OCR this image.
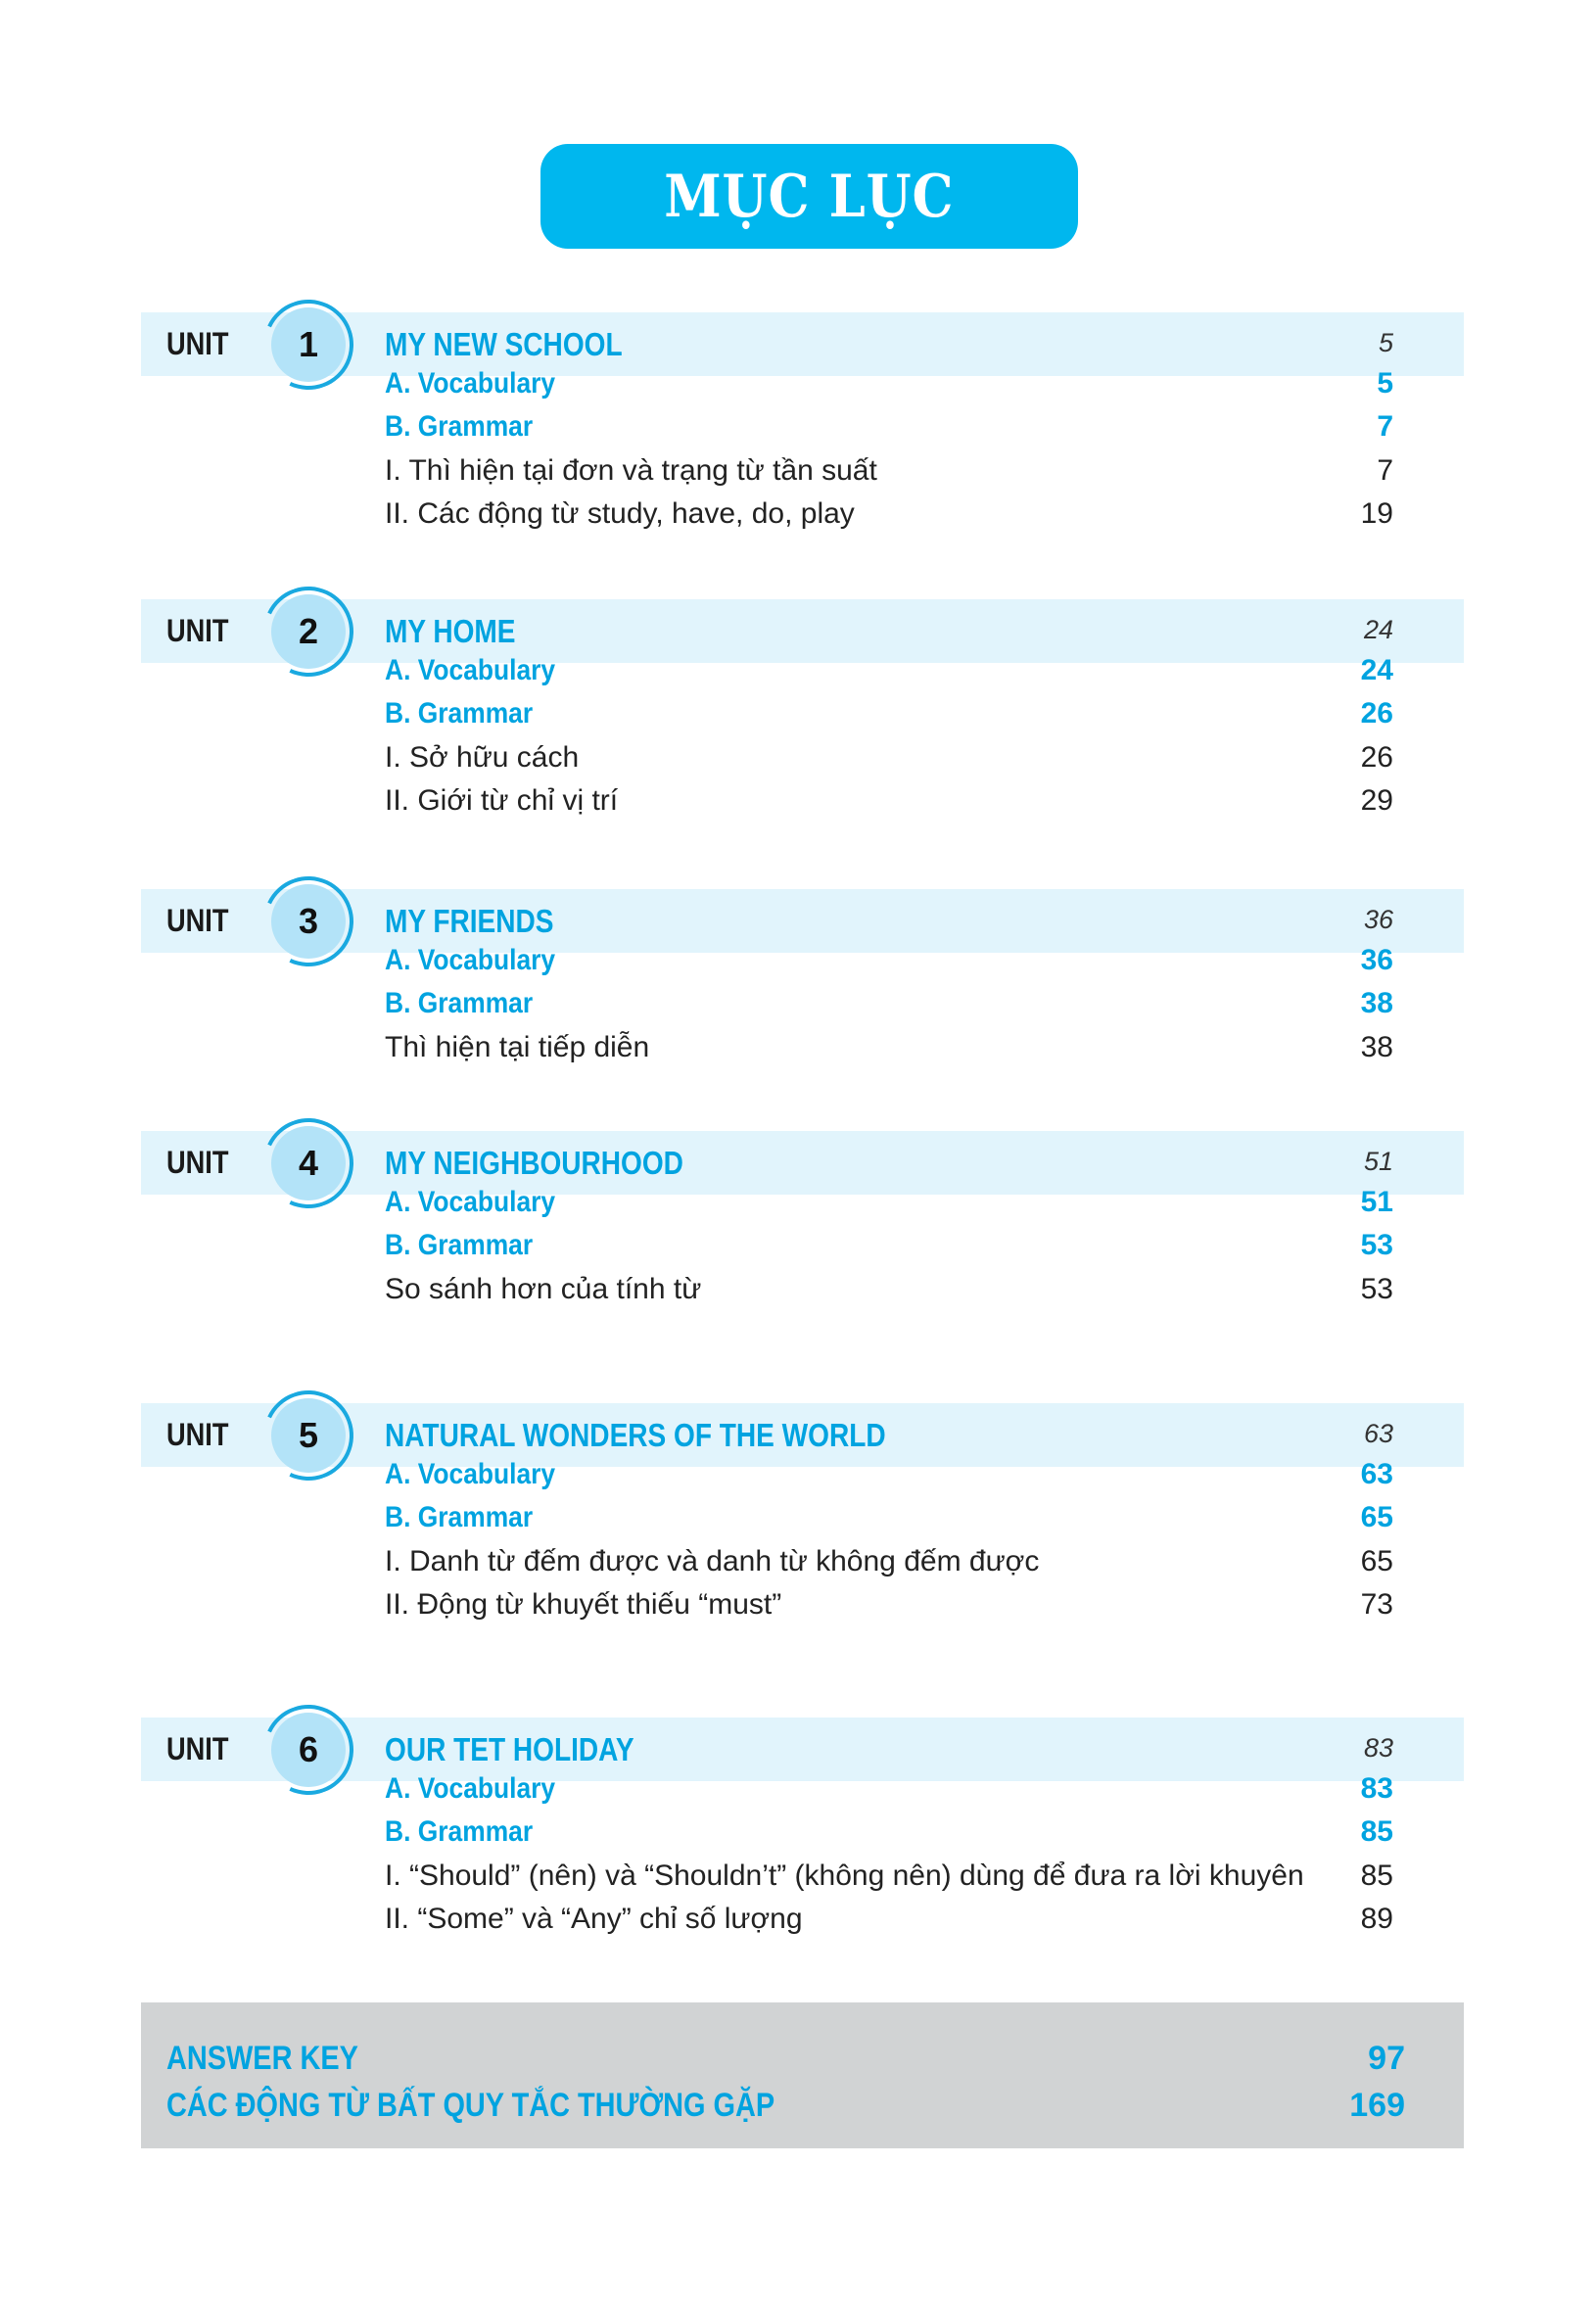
MỤC LỤC
UNIT	1	MY NEW SCHOOL	5
A. Vocabulary	5
B. Grammar	7
I. Thì hiện tại đơn và trạng từ tần suất	7
II. Các động từ study, have, do, play	19
UNIT	2	MY HOME	24
A. Vocabulary	24
B. Grammar	26
I. Sở hữu cách	26
II. Giới từ chỉ vị trí	29
UNIT	3	MY FRIENDS	36
A. Vocabulary	36
B. Grammar	38
Thì hiện tại tiếp diễn	38
UNIT	4	MY NEIGHBOURHOOD	51
A. Vocabulary	51
B. Grammar	53
So sánh hơn của tính từ	53
UNIT	5	NATURAL WONDERS OF THE WORLD	63
A. Vocabulary	63
B. Grammar	65
I. Danh từ đếm được và danh từ không đếm được	65
II. Động từ khuyết thiếu “must”	73
UNIT	6	OUR TET HOLIDAY	83
A. Vocabulary	83
B. Grammar	85
I. “Should” (nên) và “Shouldn’t” (không nên) dùng để đưa ra lời khuyên 85
II. “Some” và “Any” chỉ số lượng	89
ANSWER KEY	97
CÁC ĐỘNG TỪ BẤT QUY TẮC THƯỜNG GẶP	169
